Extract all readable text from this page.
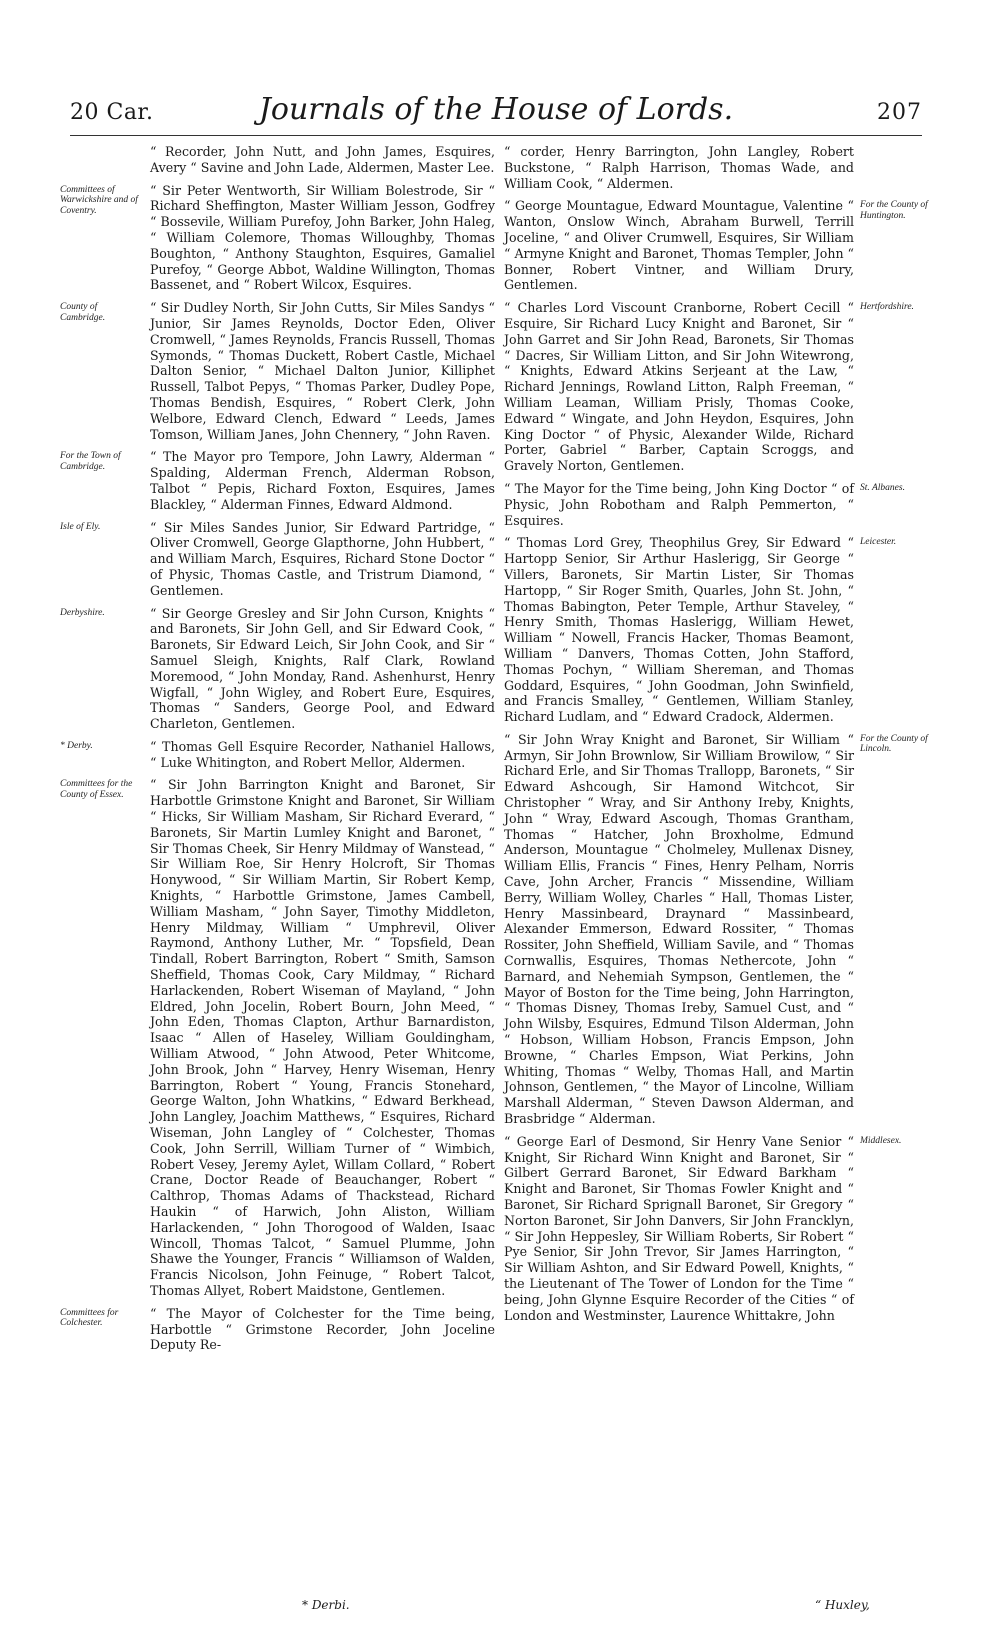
20 Car.	Journals of the House of Lords.	207
“ Recorder, John Nutt, and John James, Esquires, Avery “ Savine and John Lade, Aldermen, Master Lee.
Committees of Warwickshire and of Coventry.
“ Sir Peter Wentworth, Sir William Bolestrode, Sir “ Richard Sheffington, Master William Jesson, Godfrey “ Bossevile, William Purefoy, John Barker, John Haleg, “ William Colemore, Thomas Willoughby, Thomas Boughton, “ Anthony Staughton, Esquires, Gamaliel Purefoy, “ George Abbot, Waldine Willington, Thomas Bassenet, and “ Robert Wilcox, Esquires.
County of Cambridge.
“ Sir Dudley North, Sir John Cutts, Sir Miles Sandys “ Junior, Sir James Reynolds, Doctor Eden, Oliver Cromwell, “ James Reynolds, Francis Russell, Thomas Symonds, “ Thomas Duckett, Robert Castle, Michael Dalton Senior, “ Michael Dalton Junior, Killiphet Russell, Talbot Pepys, “ Thomas Parker, Dudley Pope, Thomas Bendish, Esquires, “ Robert Clerk, John Welbore, Edward Clench, Edward “ Leeds, James Tomson, William Janes, John Chennery, “ John Raven.
For the Town of Cambridge.
“ The Mayor pro Tempore, John Lawry, Alderman “ Spalding, Alderman French, Alderman Robson, Talbot “ Pepis, Richard Foxton, Esquires, James Blackley, “ Alderman Finnes, Edward Aldmond.
Isle of Ely.	“ Sir Miles Sandes Junior, Sir Edward Partridge, “ Oliver Cromwell, George Glapthorne, John Hubbert, “ and William March, Esquires, Richard Stone Doctor “ of Physic, Thomas Castle, and Tristrum Diamond, “ Gentlemen.
Derbyshire.	“ Sir George Gresley and Sir John Curson, Knights “ and Baronets, Sir John Gell, and Sir Edward Cook, “ Baronets, Sir Edward Leich, Sir John Cook, and Sir “ Samuel Sleigh, Knights, Ralf Clark, Rowland Moremood, “ John Monday, Rand. Ashenhurst, Henry Wigfall, “ John Wigley, and Robert Eure, Esquires, Thomas “ Sanders, George Pool, and Edward Charleton, Gentlemen.
* Derby.	“ Thomas Gell Esquire Recorder, Nathaniel Hallows, “ Luke Whitington, and Robert Mellor, Aldermen.
Committees for the County of Essex.
“ Sir John Barrington Knight and Baronet, Sir Harbottle Grimstone Knight and Baronet, Sir William “ Hicks, Sir William Masham, Sir Richard Everard, “ Baronets, Sir Martin Lumley Knight and Baronet, “ Sir Thomas Cheek, Sir Henry Mildmay of Wanstead, “ Sir William Roe, Sir Henry Holcroft, Sir Thomas Honywood, “ Sir William Martin, Sir Robert Kemp, Knights, “ Harbottle Grimstone, James Cambell, William Masham, “ John Sayer, Timothy Middleton, Henry Mildmay, William “ Umphrevil, Oliver Raymond, Anthony Luther, Mr. “ Topsfield, Dean Tindall, Robert Barrington, Robert “ Smith, Samson Sheffield, Thomas Cook, Cary Mildmay, “ Richard Harlackenden, Robert Wiseman of Mayland, “ John Eldred, John Jocelin, Robert Bourn, John Meed, “ John Eden, Thomas Clapton, Arthur Barnardiston, Isaac “ Allen of Haseley, William Gouldingham, William Atwood, “ John Atwood, Peter Whitcome, John Brook, John “ Harvey, Henry Wiseman, Henry Barrington, Robert “ Young, Francis Stonehard, George Walton, John Whatkins, “ Edward Berkhead, John Langley, Joachim Matthews, “ Esquires, Richard Wiseman, John Langley of “ Colchester, Thomas Cook, John Serrill, William Turner of “ Wimbich, Robert Vesey, Jeremy Aylet, Willam Collard, “ Robert Crane, Doctor Reade of Beauchanger, Robert “ Calthrop, Thomas Adams of Thackstead, Richard Haukin “ of Harwich, John Aliston, William Harlackenden, “ John Thorogood of Walden, Isaac Wincoll, Thomas Talcot, “ Samuel Plumme, John Shawe the Younger, Francis “ Williamson of Walden, Francis Nicolson, John Feinuge, “ Robert Talcot, Thomas Allyet, Robert Maidstone, Gentlemen.
Committees for Colchester.
“ The Mayor of Colchester for the Time being, Harbottle “ Grimstone Recorder, John Joceline Deputy Re-
“ corder, Henry Barrington, John Langley, Robert Buckstone, “ Ralph Harrison, Thomas Wade, and William Cook, “ Aldermen.
For the County of Huntington.
“ George Mountague, Edward Mountague, Valentine “ Wanton, Onslow Winch, Abraham Burwell, Terrill Joceline, “ and Oliver Crumwell, Esquires, Sir William “ Armyne Knight and Baronet, Thomas Templer, John “ Bonner, Robert Vintner, and William Drury, Gentlemen.
Hertfordshire.
“ Charles Lord Viscount Cranborne, Robert Cecill “ Esquire, Sir Richard Lucy Knight and Baronet, Sir “ John Garret and Sir John Read, Baronets, Sir Thomas “ Dacres, Sir William Litton, and Sir John Witewrong, “ Knights, Edward Atkins Serjeant at the Law, “ Richard Jennings, Rowland Litton, Ralph Freeman, “ William Leaman, William Prisly, Thomas Cooke, Edward “ Wingate, and John Heydon, Esquires, John King Doctor “ of Physic, Alexander Wilde, Richard Porter, Gabriel “ Barber, Captain Scroggs, and Gravely Norton, Gentlemen.
St. Albanes.
“ The Mayor for the Time being, John King Doctor “ of Physic, John Robotham and Ralph Pemmerton, “ Esquires.
Leicester.
“ Thomas Lord Grey, Theophilus Grey, Sir Edward “ Hartopp Senior, Sir Arthur Haslerigg, Sir George “ Villers, Baronets, Sir Martin Lister, Sir Thomas Hartopp, “ Sir Roger Smith, Quarles, John St. John, “ Thomas Babington, Peter Temple, Arthur Staveley, “ Henry Smith, Thomas Haslerigg, William Hewet, William “ Nowell, Francis Hacker, Thomas Beamont, William “ Danvers, Thomas Cotten, John Stafford, Thomas Pochyn, “ William Shereman, and Thomas Goddard, Esquires, “ John Goodman, John Swinfield, and Francis Smalley, “ Gentlemen, William Stanley, Richard Ludlam, and “ Edward Cradock, Aldermen.
For the County of Lincoln.
“ Sir John Wray Knight and Baronet, Sir William “ Armyn, Sir John Brownlow, Sir William Browilow, “ Sir Richard Erle, and Sir Thomas Trallopp, Baronets, “ Sir Edward Ashcough, Sir Hamond Witchcot, Sir Christopher “ Wray, and Sir Anthony Ireby, Knights, John “ Wray, Edward Ascough, Thomas Grantham, Thomas “ Hatcher, John Broxholme, Edmund Anderson, Mountague “ Cholmeley, Mullenax Disney, William Ellis, Francis “ Fines, Henry Pelham, Norris Cave, John Archer, Francis “ Missendine, William Berry, William Wolley, Charles “ Hall, Thomas Lister, Henry Massinbeard, Draynard “ Massinbeard, Alexander Emmerson, Edward Rossiter, “ Thomas Rossiter, John Sheffield, William Savile, and “ Thomas Cornwallis, Esquires, Thomas Nethercote, John “ Barnard, and Nehemiah Sympson, Gentlemen, the “ Mayor of Boston for the Time being, John Harrington, “ Thomas Disney, Thomas Ireby, Samuel Cust, and “ John Wilsby, Esquires, Edmund Tilson Alderman, John “ Hobson, William Hobson, Francis Empson, John Browne, “ Charles Empson, Wiat Perkins, John Whiting, Thomas “ Welby, Thomas Hall, and Martin Johnson, Gentlemen, “ the Mayor of Lincolne, William Marshall Alderman, “ Steven Dawson Alderman, and Brasbridge “ Alderman.
Middlesex.
“ George Earl of Desmond, Sir Henry Vane Senior “ Knight, Sir Richard Winn Knight and Baronet, Sir “ Gilbert Gerrard Baronet, Sir Edward Barkham “ Knight and Baronet, Sir Thomas Fowler Knight and “ Baronet, Sir Richard Sprignall Baronet, Sir Gregory “ Norton Baronet, Sir John Danvers, Sir John Francklyn, “ Sir John Heppesley, Sir William Roberts, Sir Robert “ Pye Senior, Sir John Trevor, Sir James Harrington, “ Sir William Ashton, and Sir Edward Powell, Knights, “ the Lieutenant of The Tower of London for the Time “ being, John Glynne Esquire Recorder of the Cities “ of London and Westminster, Laurence Whittakre, John
* Derbi.	“ Huxley,
